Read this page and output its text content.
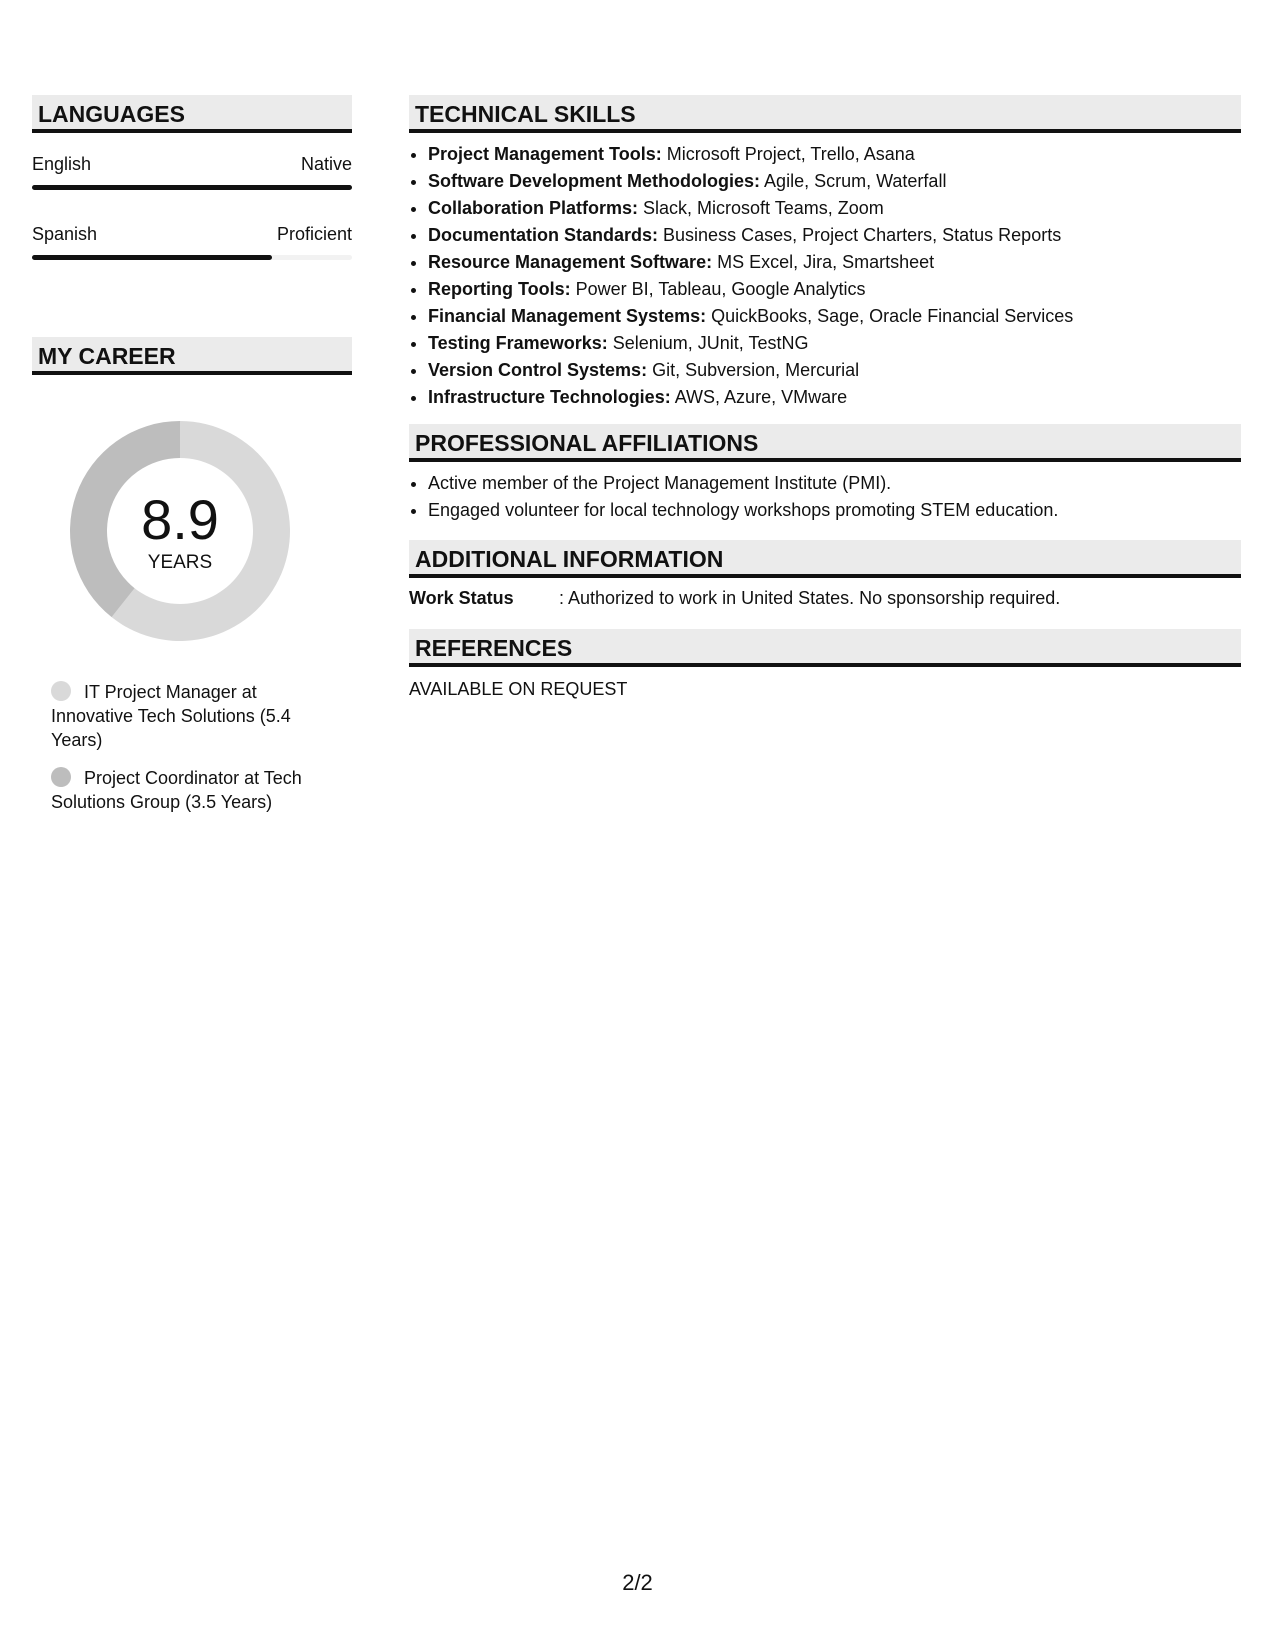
LANGUAGES
English	Native
Spanish	Proficient
MY CAREER
8.9
YEARS
IT Project Manager at Innovative Tech Solutions (5.4 Years)
Project Coordinator at Tech Solutions Group (3.5 Years)
TECHNICAL SKILLS
• Project Management Tools: Microsoft Project, Trello, Asana
• Software Development Methodologies: Agile, Scrum, Waterfall
• Collaboration Platforms: Slack, Microsoft Teams, Zoom
• Documentation Standards: Business Cases, Project Charters, Status Reports
• Resource Management Software: MS Excel, Jira, Smartsheet
• Reporting Tools: Power BI, Tableau, Google Analytics
• Financial Management Systems: QuickBooks, Sage, Oracle Financial Services
• Testing Frameworks: Selenium, JUnit, TestNG
• Version Control Systems: Git, Subversion, Mercurial
• Infrastructure Technologies: AWS, Azure, VMware
PROFESSIONAL AFFILIATIONS
• Active member of the Project Management Institute (PMI).
• Engaged volunteer for local technology workshops promoting STEM education.
ADDITIONAL INFORMATION
Work Status	: Authorized to work in United States. No sponsorship required.
REFERENCES
AVAILABLE ON REQUEST
2/2
